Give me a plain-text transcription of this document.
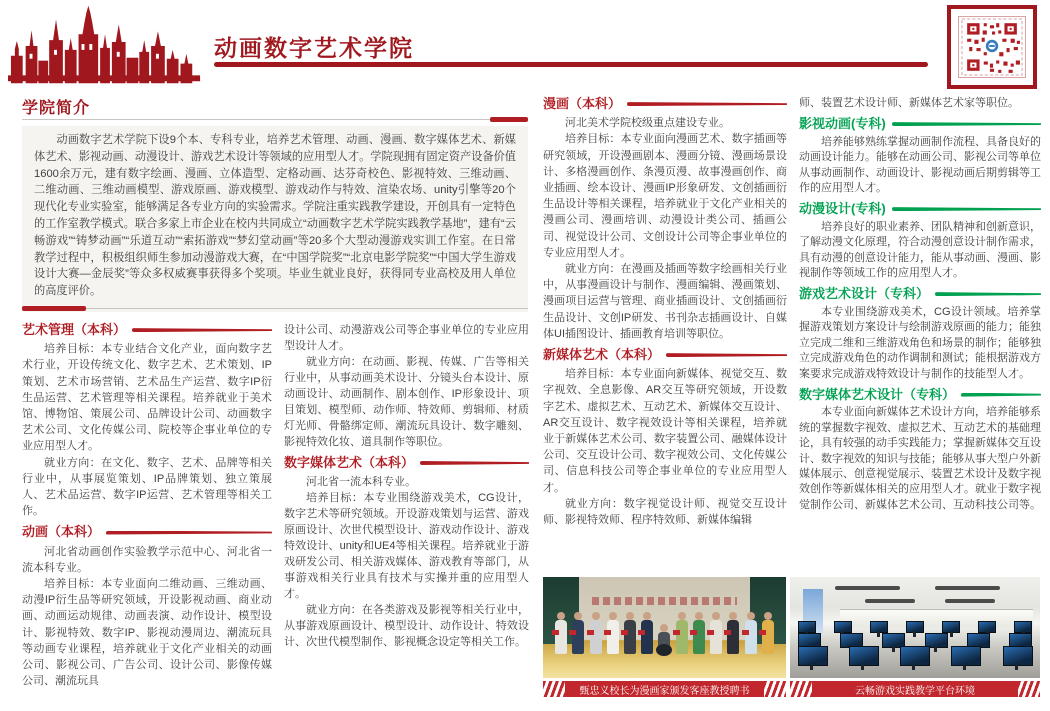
动画数字艺术学院
学院简介

动画数字艺术学院下设9个本、专科专业，培养艺术管理、动画、漫画、数字媒体艺术、新媒体艺术、影视动画、动漫设计、游戏艺术设计等领域的应用型人才。学院现拥有固定资产设备价值1600余万元，建有数字绘画、漫画、立体造型、定格动画、达芬奇校色、影视特效、三维动画、二维动画、三维动画模型、游戏原画、游戏模型、游戏动作与特效、渲染农场、unity引擎等20个现代化专业实验室，能够满足各专业方向的实验需求。学院注重实践教学建设，开创具有一定特色的工作室教学模式。联合多家上市企业在校内共同成立“动画数字艺术学院实践教学基地”，建有“云畅游戏”“铸梦动画”“乐道互动”“索拓游戏”“梦幻堂动画”等20多个大型动漫游戏实训工作室。在日常教学过程中，积极组织师生参加动漫游戏大赛，在“中国学院奖”“北京电影学院奖”“中国大学生游戏设计大赛—金辰奖”等众多权威赛事获得多个奖项。毕业生就业良好，获得同专业高校及用人单位的高度评价。

艺术管理（本科）

培养目标：本专业结合文化产业，面向数字艺术行业，开设传统文化、数字艺术、艺术策划、IP策划、艺术市场营销、艺术品生产运营、数字IP衍生品运营、艺术管理等相关课程。培养就业于美术馆、博物馆、策展公司、品牌设计公司、动画数字艺术公司、文化传媒公司、院校等企事业单位的专业应用型人才。

就业方向：在文化、数字、艺术、品牌等相关行业中，从事展览策划、IP品牌策划、独立策展人、艺术品运营、数字IP运营、艺术管理等相关工作。

动画（本科）

河北省动画创作实验教学示范中心、河北省一流本科专业。

培养目标：本专业面向二维动画、三维动画、动漫IP衍生品等研究领域，开设影视动画、商业动画、动画运动规律、动画表演、动作设计、模型设计、影视特效、数字IP、影视动漫周边、潮流玩具等动画专业课程，培养就业于文化产业相关的动画公司、影视公司、广告公司、设计公司、影像传媒公司、潮流玩具

设计公司、动漫游戏公司等企事业单位的专业应用型设计人才。

就业方向：在动画、影视、传媒、广告等相关行业中，从事动画美术设计、分镜头台本设计、原动画设计、动画制作、剧本创作、IP形象设计、项目策划、模型师、动作师、特效师、剪辑师、材质灯光师、骨骼绑定师、潮流玩具设计、数字雕刻、影视特效化妆、道具制作等职位。

数字媒体艺术（本科）

河北省一流本科专业。

培养目标：本专业围绕游戏美术，CG设计，数字艺术等研究领域。开设游戏策划与运营、游戏原画设计、次世代模型设计、游戏动作设计、游戏特效设计、unity和UE4等相关课程。培养就业于游戏研发公司、相关游戏媒体、游戏教育等部门，从事游戏相关行业具有技术与实操并重的应用型人才。

就业方向：在各类游戏及影视等相关行业中，从事游戏原画设计、模型设计、动作设计、特效设计、次世代模型制作、影视概念设定等相关工作。

漫画（本科）

河北美术学院校级重点建设专业。

培养目标：本专业面向漫画艺术、数字插画等研究领域，开设漫画剧本、漫画分镜、漫画场景设计、多格漫画创作、条漫页漫、故事漫画创作、商业插画、绘本设计、漫画IP形象研发、文创插画衍生品设计等相关课程，培养就业于文化产业相关的漫画公司、漫画培训、动漫设计类公司、插画公司、视觉设计公司、文创设计公司等企事业单位的专业应用型人才。

就业方向：在漫画及插画等数字绘画相关行业中，从事漫画设计与制作、漫画编辑、漫画策划、漫画项目运营与管理、商业插画设计、文创插画衍生品设计、文创IP研发、书刊杂志插画设计、自媒体UI插图设计、插画教育培训等职位。

新媒体艺术（本科）

培养目标：本专业面向新媒体、视觉交互、数字视效、全息影像、AR交互等研究领域，开设数字艺术、虚拟艺术、互动艺术、新媒体交互设计、AR交互设计、数字视效设计等相关课程，培养就业于新媒体艺术公司、数字装置公司、融媒体设计公司、交互设计公司、数字视效公司、文化传媒公司、信息科技公司等企事业单位的专业应用型人才。

就业方向：数字视觉设计师、视觉交互设计师、影视特效师、程序特效师、新媒体编辑

师、装置艺术设计师、新媒体艺术家等职位。

影视动画(专科)

培养能够熟练掌握动画制作流程、具备良好的动画设计能力。能够在动画公司、影视公司等单位从事动画制作、动画设计、影视动画后期剪辑等工作的应用型人才。

动漫设计(专科)

培养良好的职业素养、团队精神和创新意识，了解动漫文化原理，符合动漫创意设计制作需求，具有动漫的创意设计能力，能从事动画、漫画、影视制作等领域工作的应用型人才。

游戏艺术设计（专科）

本专业围绕游戏美术，CG设计领域。培养掌握游戏策划方案设计与绘制游戏原画的能力；能独立完成二维和三维游戏角色和场景的制作；能够独立完成游戏角色的动作调制和测试；能根据游戏方案要求完成游戏特效设计与制作的技能型人才。

数字媒体艺术设计（专科）

本专业面向新媒体艺术设计方向，培养能够系统的掌握数字视效、虚拟艺术、互动艺术的基础理论，具有较强的动手实践能力；掌握新媒体交互设计、数字视效的知识与技能；能够从事大型户外新媒体展示、创意视觉展示、装置艺术设计及数字视效创作等新媒体相关的应用型人才。就业于数字视觉制作公司、新媒体艺术公司、互动科技公司等。

甄忠义校长为漫画家颁发客座教授聘书	云畅游戏实践教学平台环境
